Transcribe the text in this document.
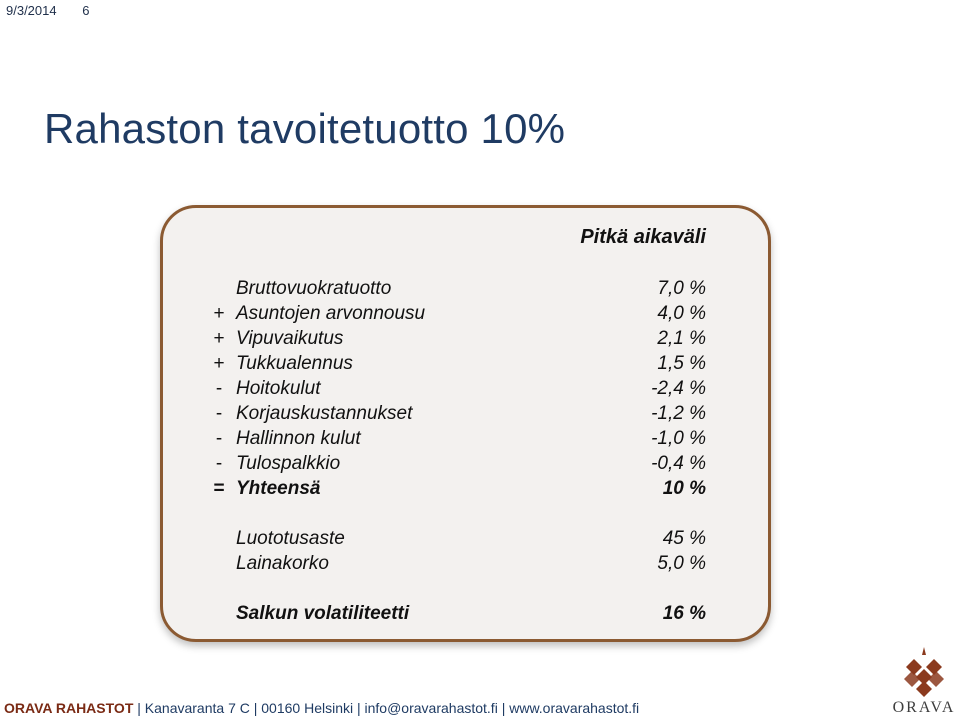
9/3/2014 6
Rahaston tavoitetuotto 10%
Pitkä aikaväli
Bruttovuokratuotto	7,0 %
+ Asuntojen arvonnousu	4,0 %
+ Vipuvaikutus	2,1 %
+ Tukkualennus	1,5 %
- Hoitokulut	-2,4 %
- Korjauskustannukset	-1,2 %
- Hallinnon kulut	-1,0 %
- Tulospalkkio	-0,4 %
= Yhteensä	10 %
Luototusaste	45 %
Lainakorko	5,0 %
Salkun volatiliteetti	16 %
ORAVA RAHASTOT | Kanavaranta 7 C | 00160 Helsinki | info@oravarahastot.fi | www.oravarahastot.fi	ORAVA
